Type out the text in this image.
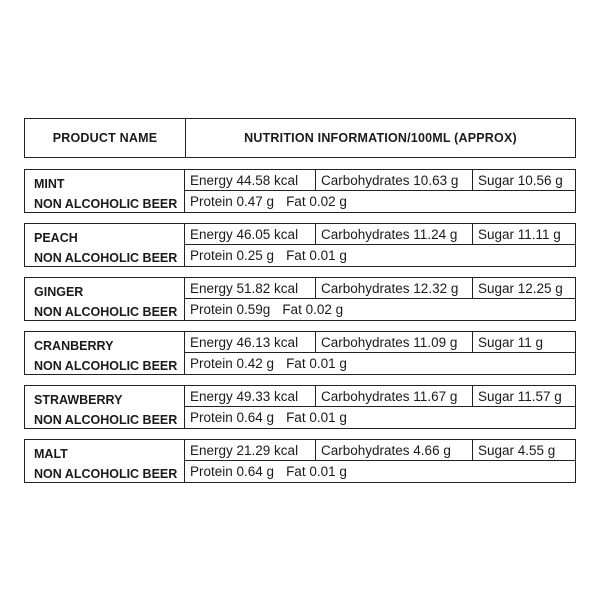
PRODUCT NAME	NUTRITION INFORMATION/100ML (APPROX)
MINT
NON ALCOHOLIC BEER
Energy 44.58 kcal	Carbohydrates 10.63 g	Sugar 10.56 g
Protein 0.47 g Fat 0.02 g
PEACH
NON ALCOHOLIC BEER
Energy 46.05 kcal	Carbohydrates 11.24 g	Sugar 11.11 g
Protein 0.25 g Fat 0.01 g
GINGER
NON ALCOHOLIC BEER
Energy 51.82 kcal	Carbohydrates 12.32 g	Sugar 12.25 g
Protein 0.59g Fat 0.02 g
CRANBERRY
NON ALCOHOLIC BEER
Energy 46.13 kcal	Carbohydrates 11.09 g	Sugar 11 g
Protein 0.42 g Fat 0.01 g
STRAWBERRY
NON ALCOHOLIC BEER
Energy 49.33 kcal	Carbohydrates 11.67 g	Sugar 11.57 g
Protein 0.64 g Fat 0.01 g
MALT
NON ALCOHOLIC BEER
Energy 21.29 kcal	Carbohydrates 4.66 g	Sugar 4.55 g
Protein 0.64 g Fat 0.01 g
